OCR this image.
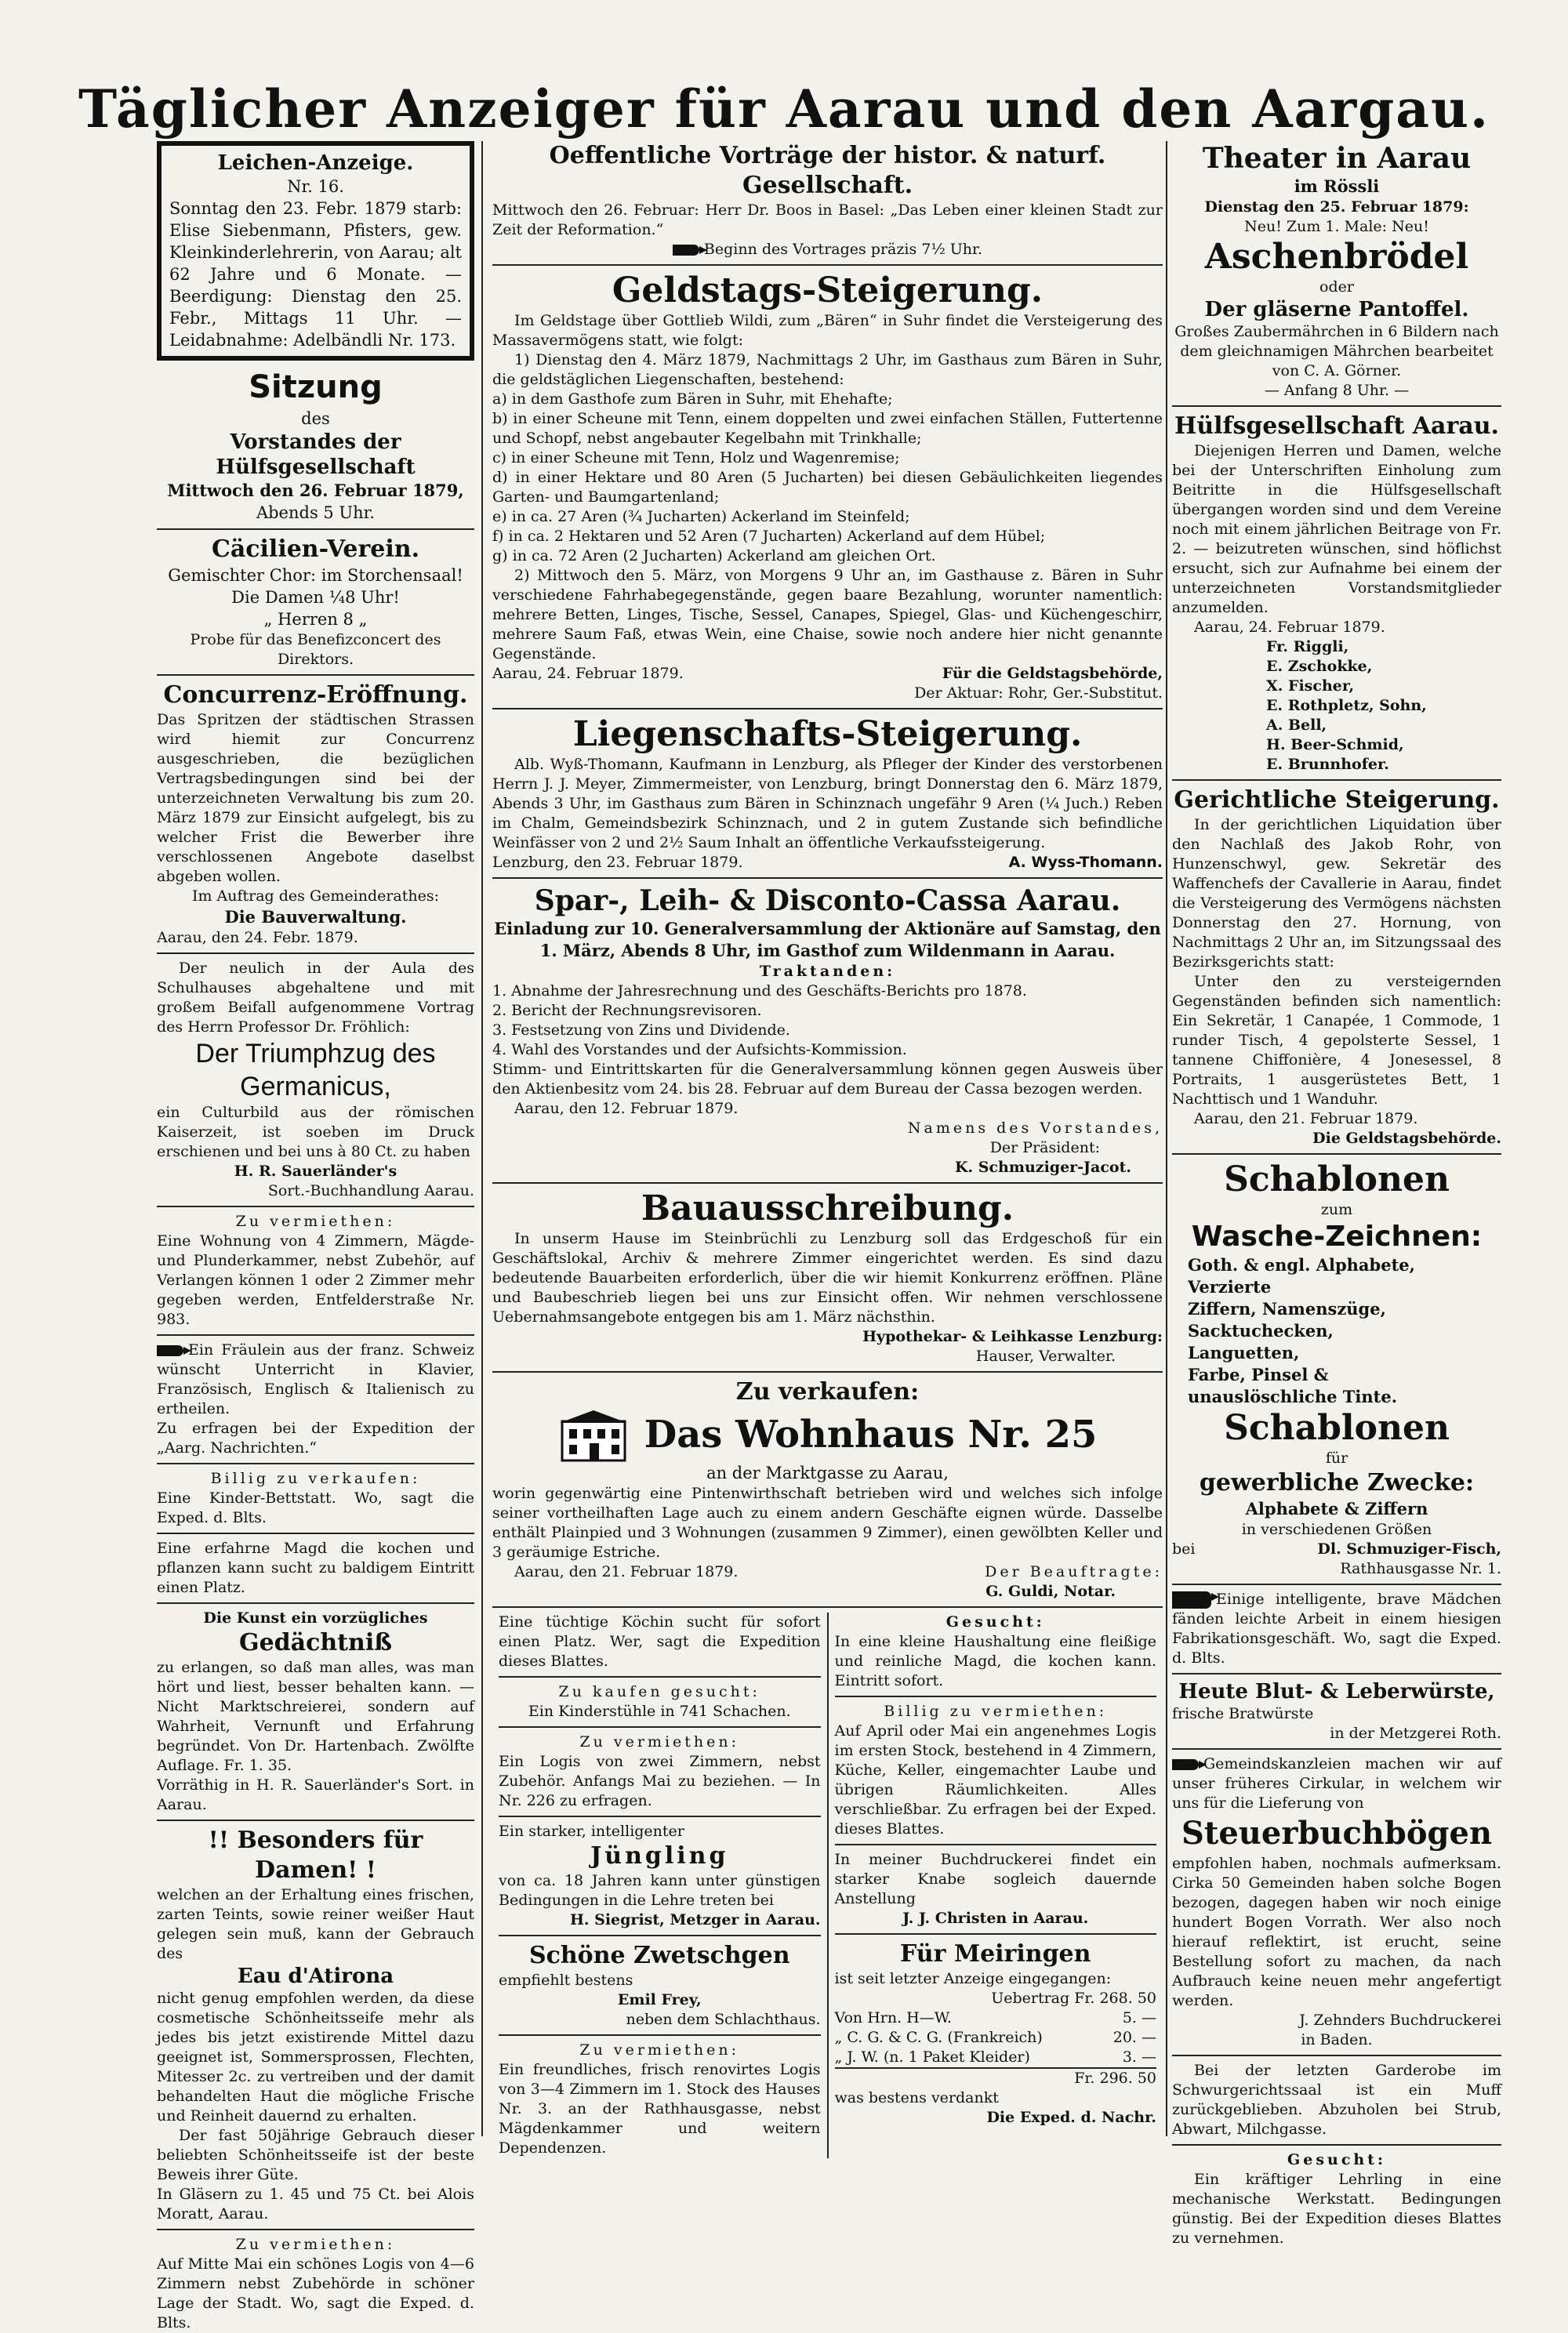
Täglicher Anzeiger für Aarau und den Aargau.
Leichen-Anzeige.
Nr. 16.
Sonntag den 23. Febr. 1879 starb: Elise Siebenmann, Pfisters, gew. Kleinkinderlehrerin, von Aarau; alt 62 Jahre und 6 Monate. — Beerdigung: Dienstag den 25. Febr., Mittags 11 Uhr. — Leidabnahme: Adelbändli Nr. 173.
Sitzung
des
Vorstandes der Hülfsgesellschaft
Mittwoch den 26. Februar 1879,
Abends 5 Uhr.
Cäcilien-Verein.
Gemischter Chor: im Storchensaal!
Die Damen ¼8 Uhr!
„ Herren 8 „
Probe für das Benefizconcert des Direktors.
Concurrenz-Eröffnung.
Das Spritzen der städtischen Strassen wird hiemit zur Concurrenz ausgeschrieben, die bezüglichen Vertragsbedingungen sind bei der unterzeichneten Verwaltung bis zum 20. März 1879 zur Einsicht aufgelegt, bis zu welcher Frist die Bewerber ihre verschlossenen Angebote daselbst abgeben wollen.
Im Auftrag des Gemeinderathes:
Die Bauverwaltung.
Aarau, den 24. Febr. 1879.
Der neulich in der Aula des Schulhauses abgehaltene und mit großem Beifall aufgenommene Vortrag des Herrn Professor Dr. Fröhlich:
Der Triumphzug des Germanicus,
ein Culturbild aus der römischen Kaiserzeit, ist soeben im Druck erschienen und bei uns à 80 Ct. zu haben
H. R. Sauerländer's
Sort.-Buchhandlung Aarau.
Zu vermiethen:
Eine Wohnung von 4 Zimmern, Mägde- und Plunderkammer, nebst Zubehör, auf Verlangen können 1 oder 2 Zimmer mehr gegeben werden, Entfelderstraße Nr. 983.
Ein Fräulein aus der franz. Schweiz wünscht Unterricht in Klavier, Französisch, Englisch & Italienisch zu ertheilen.
Zu erfragen bei der Expedition der „Aarg. Nachrichten.“
Billig zu verkaufen:
Eine Kinder-Bettstatt. Wo, sagt die Exped. d. Blts.
Eine erfahrne Magd die kochen und pflanzen kann sucht zu baldigem Eintritt einen Platz.
Die Kunst ein vorzügliches
Gedächtniß
zu erlangen, so daß man alles, was man hört und liest, besser behalten kann. — Nicht Marktschreierei, sondern auf Wahrheit, Vernunft und Erfahrung begründet. Von Dr. Hartenbach. Zwölfte Auflage. Fr. 1. 35.
Vorräthig in H. R. Sauerländer's Sort. in Aarau.
!! Besonders für Damen! !
welchen an der Erhaltung eines frischen, zarten Teints, sowie reiner weißer Haut gelegen sein muß, kann der Gebrauch des
Eau d'Atirona
nicht genug empfohlen werden, da diese cosmetische Schönheitsseife mehr als jedes bis jetzt existirende Mittel dazu geeignet ist, Sommersprossen, Flechten, Mitesser 2c. zu vertreiben und der damit behandelten Haut die mögliche Frische und Reinheit dauernd zu erhalten.
Der fast 50jährige Gebrauch dieser beliebten Schönheitsseife ist der beste Beweis ihrer Güte.
In Gläsern zu 1. 45 und 75 Ct. bei Alois Moratt, Aarau.
Zu vermiethen:
Auf Mitte Mai ein schönes Logis von 4—6 Zimmern nebst Zubehörde in schöner Lage der Stadt. Wo, sagt die Exped. d. Blts.
Oeffentliche Vorträge der histor. & naturf. Gesellschaft.
Mittwoch den 26. Februar: Herr Dr. Boos in Basel: „Das Leben einer kleinen Stadt zur Zeit der Reformation.“
Beginn des Vortrages präzis 7½ Uhr.
Geldstags-Steigerung.
Im Geldstage über Gottlieb Wildi, zum „Bären“ in Suhr findet die Versteigerung des Massavermögens statt, wie folgt:
1) Dienstag den 4. März 1879, Nachmittags 2 Uhr, im Gasthaus zum Bären in Suhr, die geldstäglichen Liegenschaften, bestehend:
a) in dem Gasthofe zum Bären in Suhr, mit Ehehafte;
b) in einer Scheune mit Tenn, einem doppelten und zwei einfachen Ställen, Futtertenne und Schopf, nebst angebauter Kegelbahn mit Trinkhalle;
c) in einer Scheune mit Tenn, Holz und Wagenremise;
d) in einer Hektare und 80 Aren (5 Jucharten) bei diesen Gebäulichkeiten liegendes Garten- und Baumgartenland;
e) in ca. 27 Aren (¾ Jucharten) Ackerland im Steinfeld;
f) in ca. 2 Hektaren und 52 Aren (7 Jucharten) Ackerland auf dem Hübel;
g) in ca. 72 Aren (2 Jucharten) Ackerland am gleichen Ort.
2) Mittwoch den 5. März, von Morgens 9 Uhr an, im Gasthause z. Bären in Suhr verschiedene Fahrhabegegenstände, gegen baare Bezahlung, worunter namentlich: mehrere Betten, Linges, Tische, Sessel, Canapes, Spiegel, Glas- und Küchengeschirr, mehrere Saum Faß, etwas Wein, eine Chaise, sowie noch andere hier nicht genannte Gegenstände.
Aarau, 24. Februar 1879.	Für die Geldstagsbehörde,
Der Aktuar: Rohr, Ger.-Substitut.
Liegenschafts-Steigerung.
Alb. Wyß-Thomann, Kaufmann in Lenzburg, als Pfleger der Kinder des verstorbenen Herrn J. J. Meyer, Zimmermeister, von Lenzburg, bringt Donnerstag den 6. März 1879, Abends 3 Uhr, im Gasthaus zum Bären in Schinznach ungefähr 9 Aren (¼ Juch.) Reben im Chalm, Gemeindsbezirk Schinznach, und 2 in gutem Zustande sich befindliche Weinfässer von 2 und 2½ Saum Inhalt an öffentliche Verkaufssteigerung.
Lenzburg, den 23. Februar 1879.	A. Wyss-Thomann.
Spar-, Leih- & Disconto-Cassa Aarau.
Einladung zur 10. Generalversammlung der Aktionäre auf Samstag, den 1. März, Abends 8 Uhr, im Gasthof zum Wildenmann in Aarau.
Traktanden:
1. Abnahme der Jahresrechnung und des Geschäfts-Berichts pro 1878.
2. Bericht der Rechnungsrevisoren.
3. Festsetzung von Zins und Dividende.
4. Wahl des Vorstandes und der Aufsichts-Kommission.
Stimm- und Eintrittskarten für die Generalversammlung können gegen Ausweis über den Aktienbesitz vom 24. bis 28. Februar auf dem Bureau der Cassa bezogen werden.
Aarau, den 12. Februar 1879.
Namens des Vorstandes,
Der Präsident:
K. Schmuziger-Jacot.
Bauausschreibung.
In unserm Hause im Steinbrüchli zu Lenzburg soll das Erdgeschoß für ein Geschäftslokal, Archiv & mehrere Zimmer eingerichtet werden. Es sind dazu bedeutende Bauarbeiten erforderlich, über die wir hiemit Konkurrenz eröffnen. Pläne und Baubeschrieb liegen bei uns zur Einsicht offen. Wir nehmen verschlossene Uebernahmsangebote entgegen bis am 1. März nächsthin.
Hypothekar- & Leihkasse Lenzburg:
Hauser, Verwalter.
Zu verkaufen:
Das Wohnhaus Nr. 25
an der Marktgasse zu Aarau,
worin gegenwärtig eine Pintenwirthschaft betrieben wird und welches sich infolge seiner vortheilhaften Lage auch zu einem andern Geschäfte eignen würde. Dasselbe enthält Plainpied und 3 Wohnungen (zusammen 9 Zimmer), einen gewölbten Keller und 3 geräumige Estriche.
Aarau, den 21. Februar 1879.	Der Beauftragte:
G. Guldi, Notar.
Eine tüchtige Köchin sucht für sofort einen Platz. Wer, sagt die Expedition dieses Blattes.
Zu kaufen gesucht:
Ein Kinderstühle in 741 Schachen.
Zu vermiethen:
Ein Logis von zwei Zimmern, nebst Zubehör. Anfangs Mai zu beziehen. — In Nr. 226 zu erfragen.
Ein starker, intelligenter
Jüngling
von ca. 18 Jahren kann unter günstigen Bedingungen in die Lehre treten bei
H. Siegrist, Metzger in Aarau.
Schöne Zwetschgen
empfiehlt bestens
Emil Frey,
neben dem Schlachthaus.
Zu vermiethen:
Ein freundliches, frisch renovirtes Logis von 3—4 Zimmern im 1. Stock des Hauses Nr. 3. an der Rathhausgasse, nebst Mägdenkammer und weitern Dependenzen.
Gesucht:
In eine kleine Haushaltung eine fleißige und reinliche Magd, die kochen kann. Eintritt sofort.
Billig zu vermiethen:
Auf April oder Mai ein angenehmes Logis im ersten Stock, bestehend in 4 Zimmern, Küche, Keller, eingemachter Laube und übrigen Räumlichkeiten. Alles verschließbar. Zu erfragen bei der Exped. dieses Blattes.
In meiner Buchdruckerei findet ein starker Knabe sogleich dauernde Anstellung
J. J. Christen in Aarau.
Für Meiringen
ist seit letzter Anzeige eingegangen:
Uebertrag Fr. 268. 50
Von Hrn. H—W.	5. —
„ C. G. & C. G. (Frankreich)	20. —
„ J. W. (n. 1 Paket Kleider)	3. —
Fr. 296. 50
was bestens verdankt
Die Exped. d. Nachr.
Theater in Aarau
im Rössli
Dienstag den 25. Februar 1879:
Neu! Zum 1. Male: Neu!
Aschenbrödel
oder
Der gläserne Pantoffel.
Großes Zaubermährchen in 6 Bildern nach dem gleichnamigen Mährchen bearbeitet von C. A. Görner.
— Anfang 8 Uhr. —
Hülfsgesellschaft Aarau.
Diejenigen Herren und Damen, welche bei der Unterschriften Einholung zum Beitritte in die Hülfsgesellschaft übergangen worden sind und dem Vereine noch mit einem jährlichen Beitrage von Fr. 2. — beizutreten wünschen, sind höflichst ersucht, sich zur Aufnahme bei einem der unterzeichneten Vorstandsmitglieder anzumelden.
Aarau, 24. Februar 1879.
Fr. Riggli,
E. Zschokke,
X. Fischer,
E. Rothpletz, Sohn,
A. Bell,
H. Beer-Schmid,
E. Brunnhofer.
Gerichtliche Steigerung.
In der gerichtlichen Liquidation über den Nachlaß des Jakob Rohr, von Hunzenschwyl, gew. Sekretär des Waffenchefs der Cavallerie in Aarau, findet die Versteigerung des Vermögens nächsten Donnerstag den 27. Hornung, von Nachmittags 2 Uhr an, im Sitzungssaal des Bezirksgerichts statt:
Unter den zu versteigernden Gegenständen befinden sich namentlich: Ein Sekretär, 1 Canapée, 1 Commode, 1 runder Tisch, 4 gepolsterte Sessel, 1 tannene Chiffonière, 4 Jonesessel, 8 Portraits, 1 ausgerüstetes Bett, 1 Nachttisch und 1 Wanduhr.
Aarau, den 21. Februar 1879.
Die Geldstagsbehörde.
Schablonen
zum
Wasche-Zeichnen:
Goth. & engl. Alphabete,
Verzierte
Ziffern, Namenszüge,
Sacktuchecken,
Languetten,
Farbe, Pinsel &
unauslöschliche Tinte.
Schablonen
für
gewerbliche Zwecke:
Alphabete & Ziffern
in verschiedenen Größen
bei	Dl. Schmuziger-Fisch,
Rathhausgasse Nr. 1.
Einige intelligente, brave Mädchen fänden leichte Arbeit in einem hiesigen Fabrikationsgeschäft. Wo, sagt die Exped. d. Blts.
Heute Blut- & Leberwürste,
frische Bratwürste
in der Metzgerei Roth.
Gemeindskanzleien machen wir auf unser früheres Cirkular, in welchem wir uns für die Lieferung von
Steuerbuchbögen
empfohlen haben, nochmals aufmerksam. Cirka 50 Gemeinden haben solche Bogen bezogen, dagegen haben wir noch einige hundert Bogen Vorrath. Wer also noch hierauf reflektirt, ist erucht, seine Bestellung sofort zu machen, da nach Aufbrauch keine neuen mehr angefertigt werden.
J. Zehnders Buchdruckerei
in Baden.
Bei der letzten Garderobe im Schwurgerichtssaal ist ein Muff zurückgeblieben. Abzuholen bei Strub, Abwart, Milchgasse.
Gesucht:
Ein kräftiger Lehrling in eine mechanische Werkstatt. Bedingungen günstig. Bei der Expedition dieses Blattes zu vernehmen.
